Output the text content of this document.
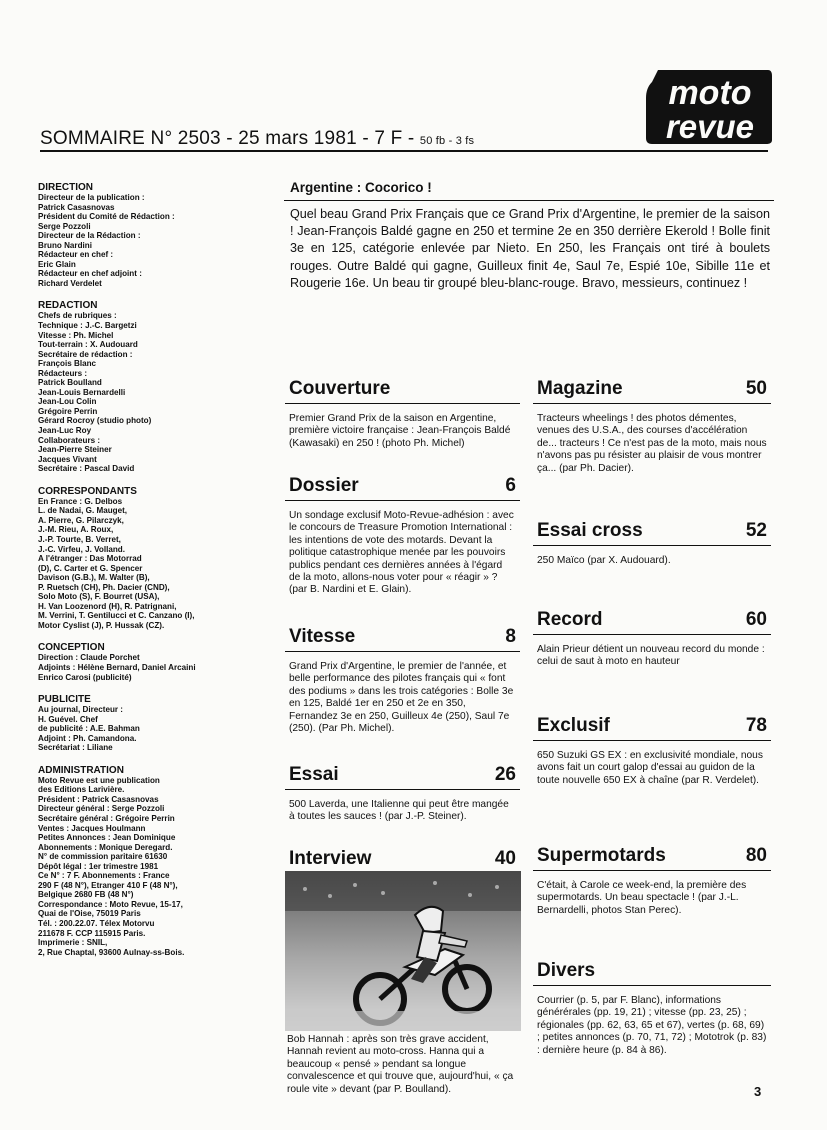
moto
revue
SOMMAIRE N° 2503 - 25 mars 1981 - 7 F - 50 fb - 3 fs
DIRECTION
Directeur de la publication :
Patrick Casasnovas
Président du Comité de Rédaction :
Serge Pozzoli
Directeur de la Rédaction :
Bruno Nardini
Rédacteur en chef :
Eric Glain
Rédacteur en chef adjoint :
Richard Verdelet
REDACTION
Chefs de rubriques :
Technique : J.-C. Bargetzi
Vitesse : Ph. Michel
Tout-terrain : X. Audouard
Secrétaire de rédaction :
François Blanc
Rédacteurs :
Patrick Boulland
Jean-Louis Bernardelli
Jean-Lou Colin
Grégoire Perrin
Gérard Rocroy (studio photo)
Jean-Luc Roy
Collaborateurs :
Jean-Pierre Steiner
Jacques Vivant
Secrétaire : Pascal David
CORRESPONDANTS
En France : G. Delbos
L. de Nadai, G. Mauget,
A. Pierre, G. Pilarczyk,
J.-M. Rieu, A. Roux,
J.-P. Tourte, B. Verret,
J.-C. Virfeu, J. Volland.
A l'étranger : Das Motorrad
(D), C. Carter et G. Spencer
Davison (G.B.), M. Walter (B),
P. Ruetsch (CH), Ph. Dacier (CND),
Solo Moto (S), F. Bourret (USA),
H. Van Loozenord (H), R. Patrignani,
M. Verrini, T. Gentilucci et C. Canzano (I),
Motor Cyslist (J), P. Hussak (CZ).
CONCEPTION
Direction : Claude Porchet
Adjoints : Hélène Bernard, Daniel Arcaini
Enrico Carosi (publicité)
PUBLICITE
Au journal, Directeur :
H. Guével. Chef
de publicité : A.E. Bahman
Adjoint : Ph. Camandona.
Secrétariat : Liliane
ADMINISTRATION
Moto Revue est une publication
des Editions Larivière.
Président : Patrick Casasnovas
Directeur général : Serge Pozzoli
Secrétaire général : Grégoire Perrin
Ventes : Jacques Houlmann
Petites Annonces : Jean Dominique
Abonnements : Monique Deregard.
N° de commission paritaire 61630
Dépôt légal : 1er trimestre 1981
Ce N° : 7 F. Abonnements : France
290 F (48 N°), Etranger 410 F (48 N°),
Belgique 2680 FB (48 N°)
Correspondance : Moto Revue, 15-17,
Quai de l'Oise, 75019 Paris
Tél. : 200.22.07. Télex Motorvu
211678 F. CCP 115915 Paris.
Imprimerie : SNIL,
2, Rue Chaptal, 93600 Aulnay-ss-Bois.
Argentine : Cocorico !
Quel beau Grand Prix Français que ce Grand Prix d'Argentine, le premier de la saison ! Jean-François Baldé gagne en 250 et termine 2e en 350 derrière Ekerold ! Bolle finit 3e en 125, catégorie enlevée par Nieto. En 250, les Français ont tiré à boulets rouges. Outre Baldé qui gagne, Guilleux finit 4e, Saul 7e, Espié 10e, Sibille 11e et Rougerie 16e. Un beau tir groupé bleu-blanc-rouge. Bravo, messieurs, continuez !
Couverture
Premier Grand Prix de la saison en Argentine, première victoire française : Jean-François Baldé (Kawasaki) en 250 ! (photo Ph. Michel)
Dossier	6
Un sondage exclusif Moto-Revue-adhésion : avec le concours de Treasure Promotion International : les intentions de vote des motards. Devant la politique catastrophique menée par les pouvoirs publics pendant ces dernières années à l'égard de la moto, allons-nous voter pour « réagir » ? (par B. Nardini et E. Glain).
Vitesse	8
Grand Prix d'Argentine, le premier de l'année, et belle performance des pilotes français qui « font des podiums » dans les trois catégories : Bolle 3e en 125, Baldé 1er en 250 et 2e en 350, Fernandez 3e en 250, Guilleux 4e (250), Saul 7e (250). (Par Ph. Michel).
Essai	26
500 Laverda, une Italienne qui peut être mangée à toutes les sauces ! (par J.-P. Steiner).
Interview	40
Bob Hannah : après son très grave accident, Hannah revient au moto-cross. Hanna qui a beaucoup « pensé » pendant sa longue convalescence et qui trouve que, aujourd'hui, « ça roule vite » devant (par P. Boulland).
Magazine	50
Tracteurs wheelings ! des photos démentes, venues des U.S.A., des courses d'accélération de... tracteurs ! Ce n'est pas de la moto, mais nous n'avons pas pu résister au plaisir de vous montrer ça... (par Ph. Dacier).
Essai cross	52
250 Maïco (par X. Audouard).
Record	60
Alain Prieur détient un nouveau record du monde : celui de saut à moto en hauteur
Exclusif	78
650 Suzuki GS EX : en exclusivité mondiale, nous avons fait un court galop d'essai au guidon de la toute nouvelle 650 EX à chaîne (par R. Verdelet).
Supermotards	80
C'était, à Carole ce week-end, la première des supermotards. Un beau spectacle ! (par J.-L. Bernardelli, photos Stan Perec).
Divers
Courrier (p. 5, par F. Blanc), informations générérales (pp. 19, 21) ; vitesse (pp. 23, 25) ; régionales (pp. 62, 63, 65 et 67), vertes (p. 68, 69) ; petites annonces (p. 70, 71, 72) ; Mototrok (p. 83) : dernière heure (p. 84 à 86).
3
